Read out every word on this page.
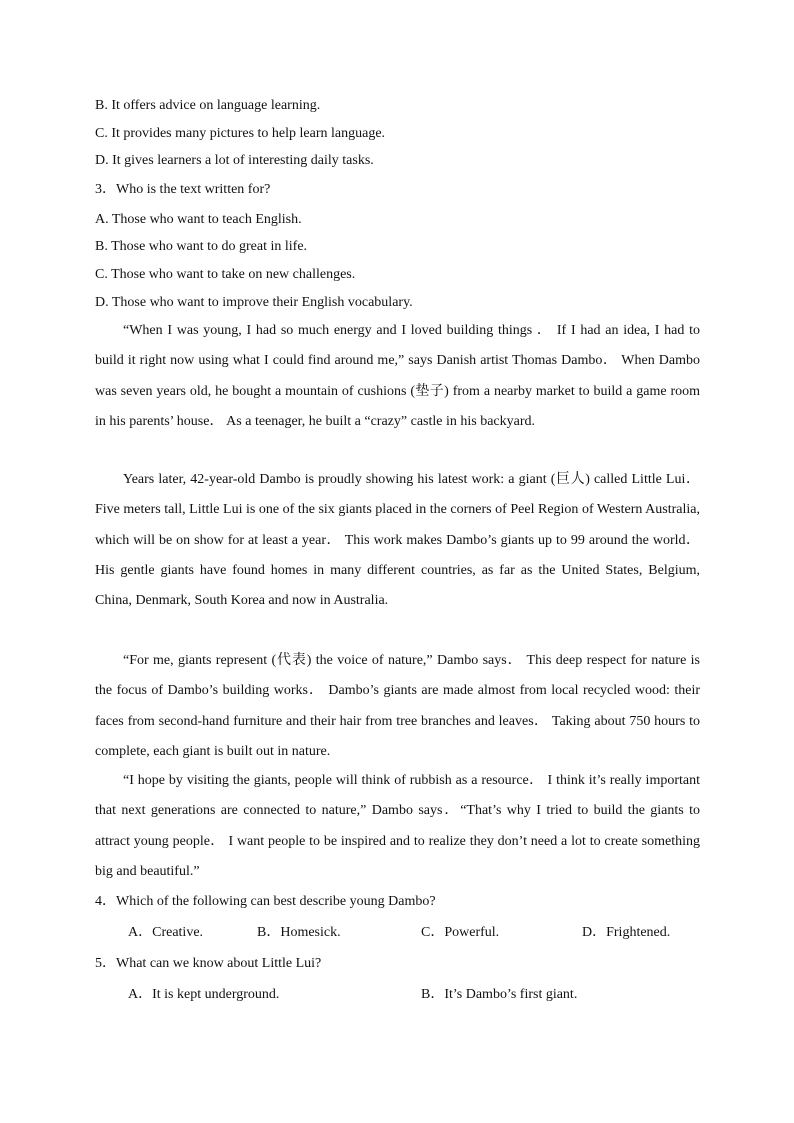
B. It offers advice on language learning.
C. It provides many pictures to help learn language.
D. It gives learners a lot of interesting daily tasks.
3．Who is the text written for?
A. Those who want to teach English.
B. Those who want to do great in life.
C. Those who want to take on new challenges.
D. Those who want to improve their English vocabulary.

“When I was young, I had so much energy and I loved building things ． If I had an idea, I had to build it right now using what I could find around me,” says Danish artist Thomas Dambo． When Dambo was seven years old, he bought a mountain of cushions (垫子) from a nearby market to build a game room in his parents’ house． As a teenager, he built a “crazy” castle in his backyard.

Years later, 42-year-old Dambo is proudly showing his latest work: a giant (巨人) called Little Lui． Five meters tall, Little Lui is one of the six giants placed in the corners of Peel Region of Western Australia, which will be on show for at least a year． This work makes Dambo’s giants up to 99 around the world． His gentle giants have found homes in many different countries, as far as the United States, Belgium, China, Denmark, South Korea and now in Australia.

“For me, giants represent (代表) the voice of nature,” Dambo says． This deep respect for nature is the focus of Dambo’s building works． Dambo’s giants are made almost from local recycled wood: their faces from second-hand furniture and their hair from tree branches and leaves． Taking about 750 hours to complete, each giant is built out in nature.

“I hope by visiting the giants, people will think of rubbish as a resource． I think it’s really important that next generations are connected to nature,” Dambo says．“That’s why I tried to build the giants to attract young people． I want people to be inspired and to realize they don’t need a lot to create something big and beautiful.”

4．Which of the following can best describe young Dambo?
A．Creative.	B．Homesick.	C．Powerful.	D．Frightened.
5．What can we know about Little Lui?
A．It is kept underground.	B．It’s Dambo’s first giant.
